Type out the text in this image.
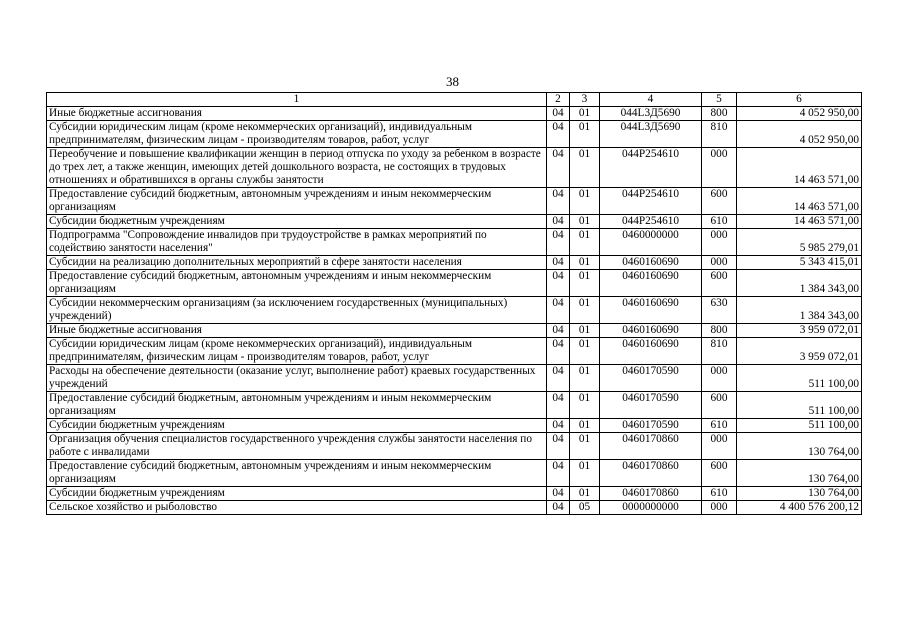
38
1	2	3	4	5	6
Иные бюджетные ассигнования	04	01	044L3Д5690	800	4 052 950,00
Субсидии юридическим лицам (кроме некоммерческих организаций), индивидуальным предпринимателям, физическим лицам - производителям товаров, работ, услуг	04	01	044L3Д5690	810	4 052 950,00
Переобучение и повышение квалификации женщин в период отпуска по уходу за ребенком в возрасте до трех лет, а также женщин, имеющих детей дошкольного возраста, не состоящих в трудовых отношениях и обратившихся в органы службы занятости	04	01	044Р254610	000	14 463 571,00
Предоставление субсидий бюджетным, автономным учреждениям и иным некоммерческим организациям	04	01	044Р254610	600	14 463 571,00
Субсидии бюджетным учреждениям	04	01	044Р254610	610	14 463 571,00
Подпрограмма "Сопровождение инвалидов при трудоустройстве в рамках мероприятий по содействию занятости населения"	04	01	0460000000	000	5 985 279,01
Субсидии на реализацию дополнительных мероприятий в сфере занятости населения	04	01	0460160690	000	5 343 415,01
Предоставление субсидий бюджетным, автономным учреждениям и иным некоммерческим организациям	04	01	0460160690	600	1 384 343,00
Субсидии некоммерческим организациям (за исключением государственных (муниципальных) учреждений)	04	01	0460160690	630	1 384 343,00
Иные бюджетные ассигнования	04	01	0460160690	800	3 959 072,01
Субсидии юридическим лицам (кроме некоммерческих организаций), индивидуальным предпринимателям, физическим лицам - производителям товаров, работ, услуг	04	01	0460160690	810	3 959 072,01
Расходы на обеспечение деятельности (оказание услуг, выполнение работ) краевых государственных учреждений	04	01	0460170590	000	511 100,00
Предоставление субсидий бюджетным, автономным учреждениям и иным некоммерческим организациям	04	01	0460170590	600	511 100,00
Субсидии бюджетным учреждениям	04	01	0460170590	610	511 100,00
Организация обучения специалистов государственного учреждения службы занятости населения по работе с инвалидами	04	01	0460170860	000	130 764,00
Предоставление субсидий бюджетным, автономным учреждениям и иным некоммерческим организациям	04	01	0460170860	600	130 764,00
Субсидии бюджетным учреждениям	04	01	0460170860	610	130 764,00
Сельское хозяйство и рыболовство	04	05	0000000000	000	4 400 576 200,12
